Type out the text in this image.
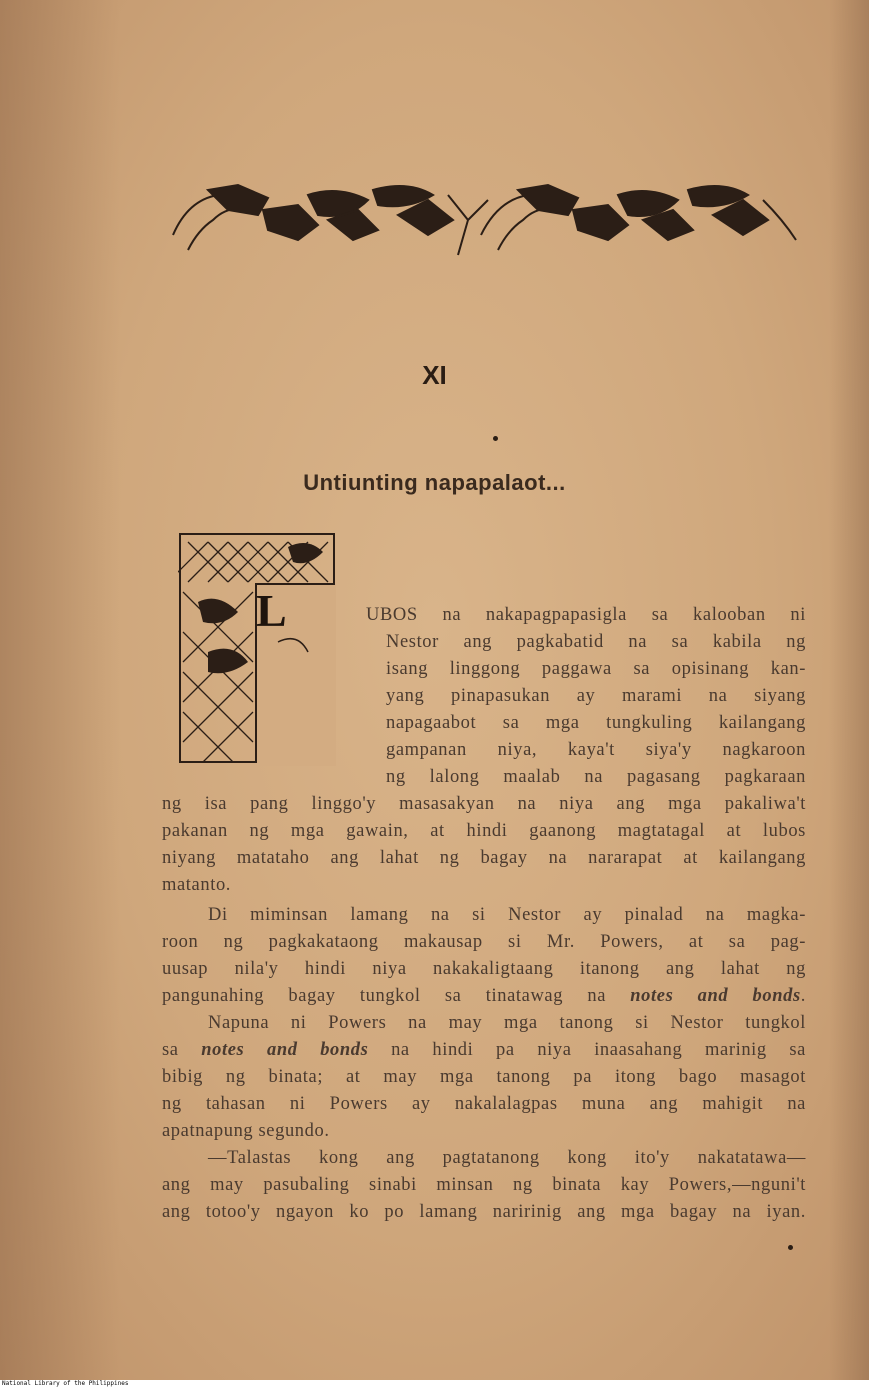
XI
Untiunting napapalaot...
L	UBOS na nakapagpapasigla sa kalooban ni
Nestor ang pagkabatid na sa kabila ng
isang linggong paggawa sa opisinang kan-
yang pinapasukan ay marami na siyang
napagaabot sa mga tungkuling kailangang
gampanan niya, kaya't siya'y nagkaroon
ng lalong maalab na pagasang pagkaraan
ng isa pang linggo'y masasakyan na niya ang mga pakaliwa't
pakanan ng mga gawain, at hindi gaanong magtatagal at lubos
niyang matataho ang lahat ng bagay na nararapat at kailangang
matanto.
Di miminsan lamang na si Nestor ay pinalad na magka-
roon ng pagkakataong makausap si Mr. Powers, at sa pag-
uusap nila'y hindi niya nakakaligtaang itanong ang lahat ng
pangunahing bagay tungkol sa tinatawag na notes and bonds.
Napuna ni Powers na may mga tanong si Nestor tungkol
sa notes and bonds na hindi pa niya inaasahang marinig sa
bibig ng binata; at may mga tanong pa itong bago masagot
ng tahasan ni Powers ay nakalalagpas muna ang mahigit na
apatnapung segundo.
—Talastas kong ang pagtatanong kong ito'y nakatatawa—
ang may pasubaling sinabi minsan ng binata kay Powers,—nguni't
ang totoo'y ngayon ko po lamang naririnig ang mga bagay na iyan.
National Library of the Philippines
